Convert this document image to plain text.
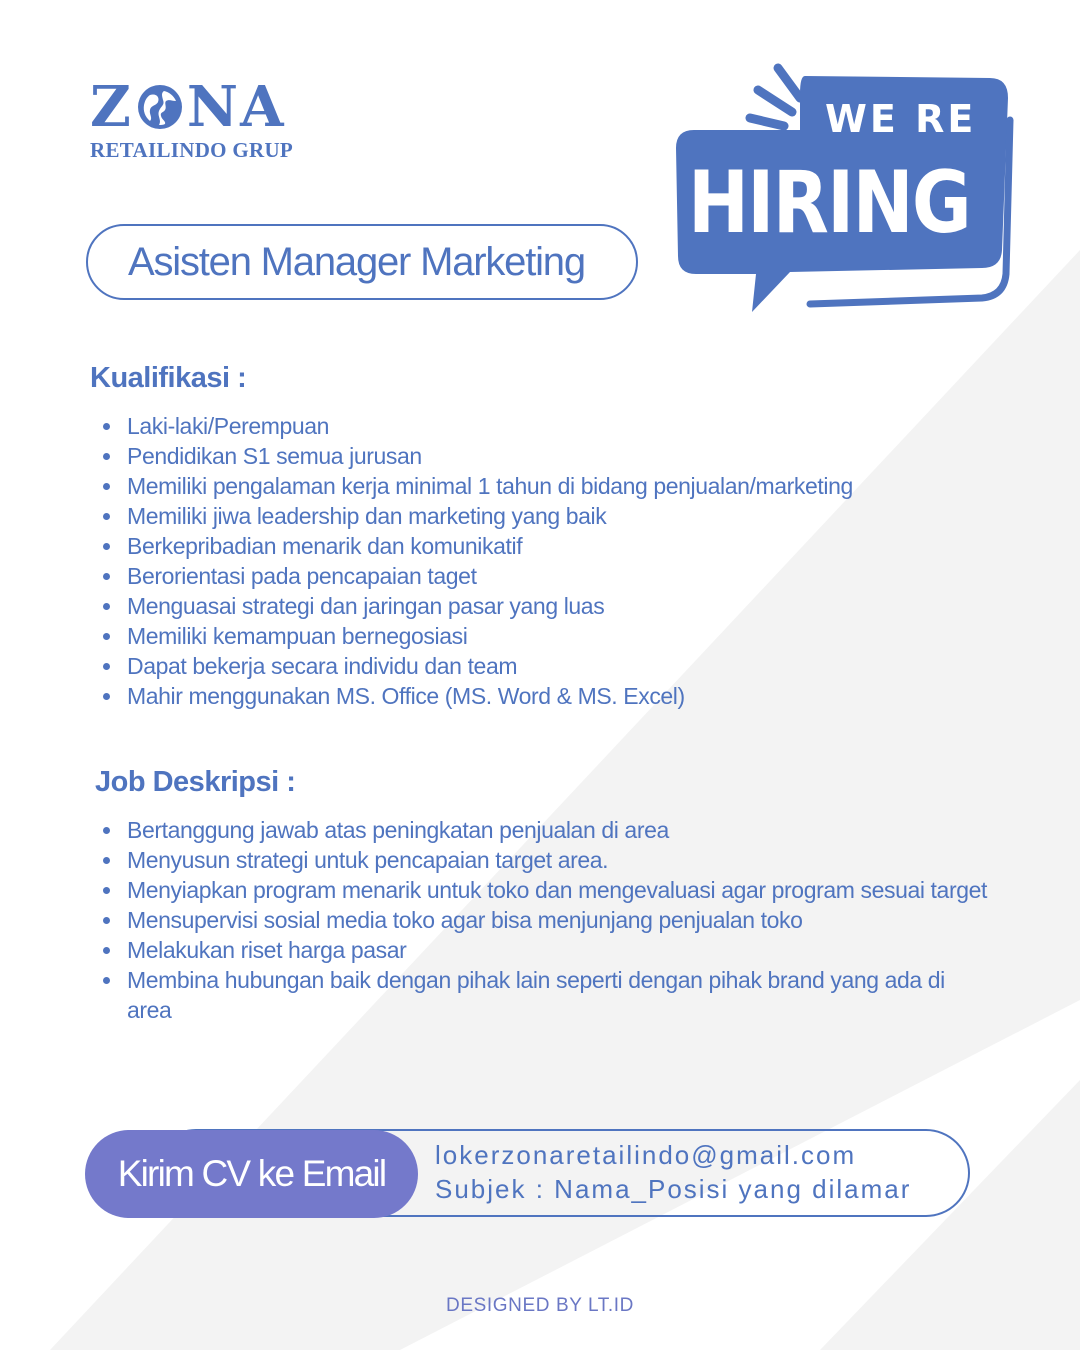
Z NA
RETAILINDO GRUP
WE RE
HIRING
Asisten Manager Marketing
Kualifikasi :
Laki-laki/Perempuan
Pendidikan S1 semua jurusan
Memiliki pengalaman kerja minimal 1 tahun di bidang penjualan/marketing
Memiliki jiwa leadership dan marketing yang baik
Berkepribadian menarik dan komunikatif
Berorientasi pada pencapaian taget
Menguasai strategi dan jaringan pasar yang luas
Memiliki kemampuan bernegosiasi
Dapat bekerja secara individu dan team
Mahir menggunakan MS. Office (MS. Word & MS. Excel)
Job Deskripsi :
Bertanggung jawab atas peningkatan penjualan di area
Menyusun strategi untuk pencapaian target area.
Menyiapkan program menarik untuk toko dan mengevaluasi agar program sesuai target
Mensupervisi sosial media toko agar bisa menjunjang penjualan toko
Melakukan riset harga pasar
Membina hubungan baik dengan pihak lain seperti dengan pihak brand yang ada di area
Kirim CV ke Email lokerzonaretailindo@gmail.com
Subjek : Nama_Posisi yang dilamar
DESIGNED BY LT.ID
